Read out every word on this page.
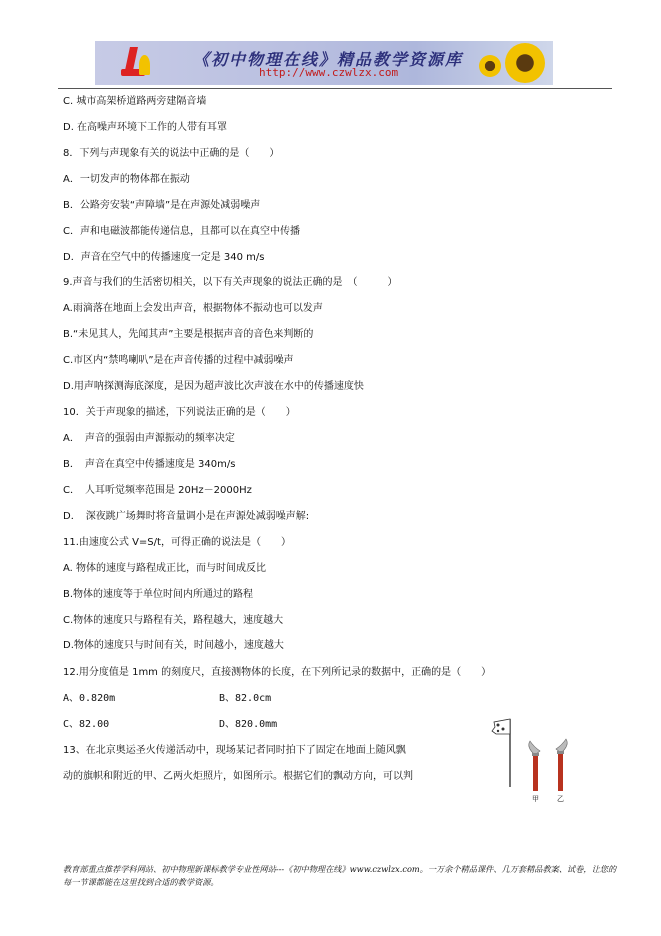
《初中物理在线》精品教学资源库
http://www.czwlzx.com
C. 城市高架桥道路两旁建隔音墙
D. 在高噪声环境下工作的人带有耳罩
8．下列与声现象有关的说法中正确的是（　　）
A．一切发声的物体都在振动
B．公路旁安装“声障墙”是在声源处减弱噪声
C．声和电磁波都能传递信息，且都可以在真空中传播
D．声音在空气中的传播速度一定是 340 m/s
9.声音与我们的生活密切相关，以下有关声现象的说法正确的是　（　　　）
A.雨滴落在地面上会发出声音，根据物体不振动也可以发声
B.“未见其人，先闻其声”主要是根据声音的音色来判断的
C.市区内“禁鸣喇叭”是在声音传播的过程中减弱噪声
D.用声呐探测海底深度，是因为超声波比次声波在水中的传播速度快
10．关于声现象的描述，下列说法正确的是（　　）
A．　声音的强弱由声源振动的频率决定
B．　声音在真空中传播速度是 340m/s
C．　人耳听觉频率范围是 20Hz－2000Hz
D．　深夜跳广场舞时将音量调小是在声源处减弱噪声解:
11.由速度公式 V=S/t，可得正确的说法是（　　）
A. 物体的速度与路程成正比，而与时间成反比
B.物体的速度等于单位时间内所通过的路程
C.物体的速度只与路程有关，路程越大，速度越大
D.物体的速度只与时间有关，时间越小，速度越大
12.用分度值是 1mm 的刻度尺，直接测物体的长度，在下列所记录的数据中，正确的是（　　）
A、0.820m	B、82.0cm
C、82.00	D、820.0mm
13、在北京奥运圣火传递活动中，现场某记者同时拍下了固定在地面上随风飘
动的旗帜和附近的甲、乙两火炬照片，如图所示。根据它们的飘动方向，可以判
甲	乙
教育部重点推荐学科网站、初中物理新课标教学专业性网站---《初中物理在线》www.czwlzx.com。一万余个精品课件、几万套精品教案、试卷，让您的每一节课都能在这里找到合适的教学资源。
